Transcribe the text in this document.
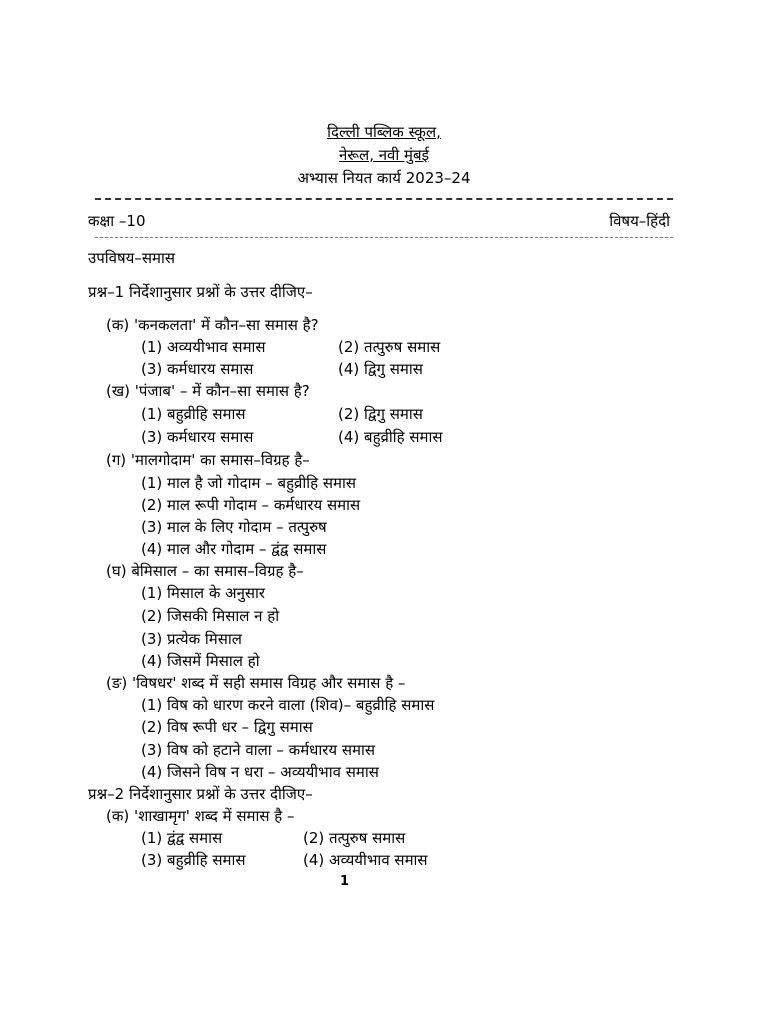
दिल्ली पब्लिक स्कूल,
नेरूल, नवी मुंबई
अभ्यास नियत कार्य 2023–24
कक्षा –10	विषय–हिंदी
उपविषय–समास
प्रश्न–1 निर्देशानुसार प्रश्नों के उत्तर दीजिए–
(क) 'कनकलता' में कौन–सा समास है?
(1) अव्ययीभाव समास	(2) तत्पुरुष समास
(3) कर्मधारय समास	(4) द्विगु समास
(ख) 'पंजाब' – में कौन–सा समास है?
(1) बहुव्रीहि समास	(2) द्विगु समास
(3) कर्मधारय समास	(4) बहुव्रीहि समास
(ग) 'मालगोदाम' का समास–विग्रह है–
(1) माल है जो गोदाम – बहुव्रीहि समास
(2) माल रूपी गोदाम – कर्मधारय समास
(3) माल के लिए गोदाम – तत्पुरुष
(4) माल और गोदाम – द्वंद्व समास
(घ) बेमिसाल – का समास–विग्रह है–
(1) मिसाल के अनुसार
(2) जिसकी मिसाल न हो
(3) प्रत्येक मिसाल
(4) जिसमें मिसाल हो
(ङ) 'विषधर' शब्द में सही समास विग्रह और समास है –
(1) विष को धारण करने वाला (शिव)– बहुव्रीहि समास
(2) विष रूपी धर – द्विगु समास
(3) विष को हटाने वाला – कर्मधारय समास
(4) जिसने विष न धरा – अव्ययीभाव समास
प्रश्न–2 निर्देशानुसार प्रश्नों के उत्तर दीजिए–
(क) 'शाखामृग' शब्द में समास है –
(1) द्वंद्व समास	(2) तत्पुरुष समास
(3) बहुव्रीहि समास	(4) अव्ययीभाव समास
1
